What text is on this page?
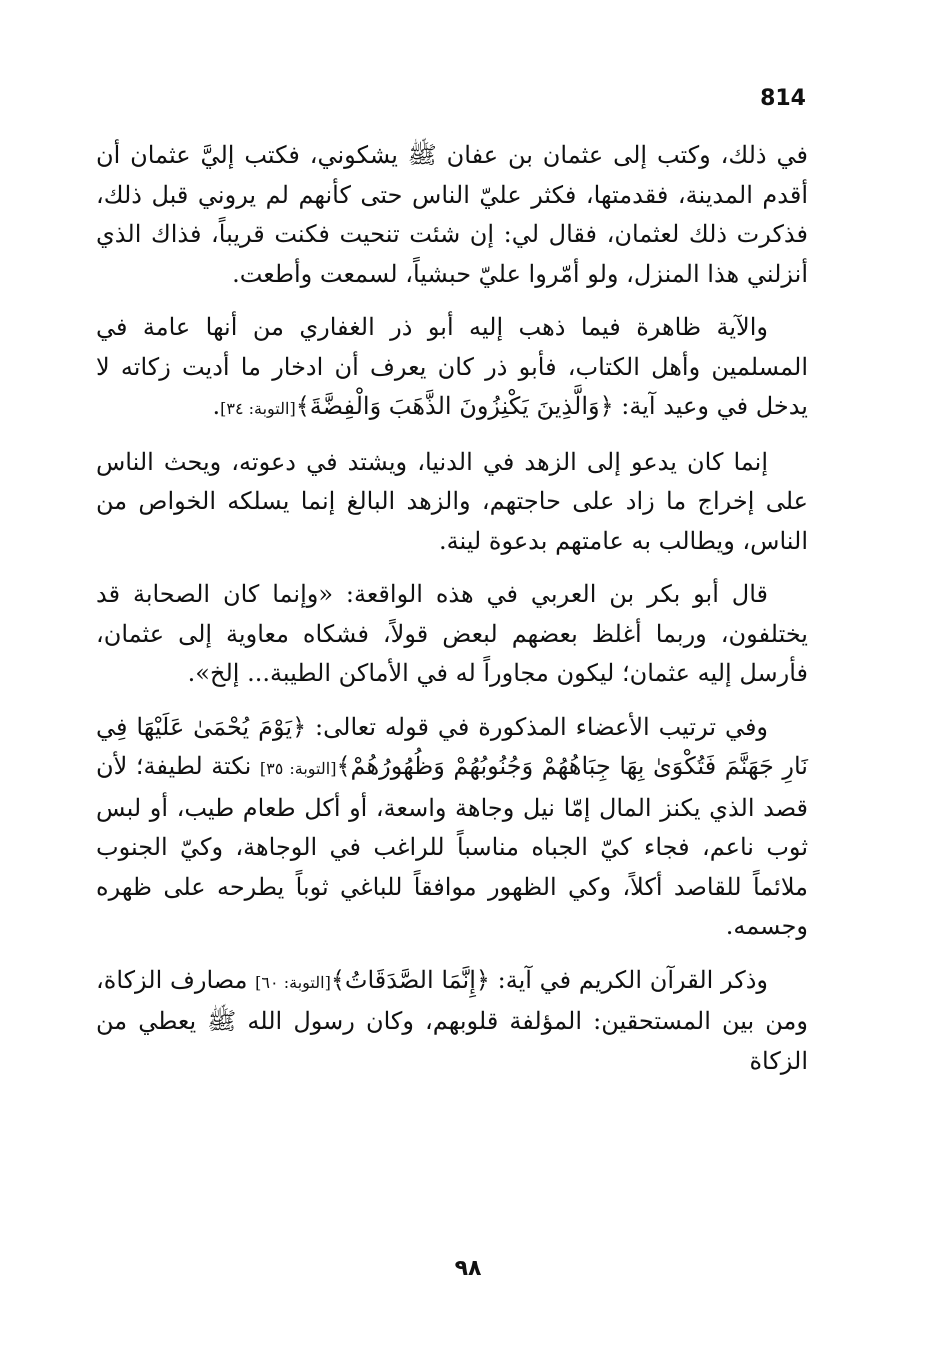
814

في ذلك، وكتب إلى عثمان بن عفان ﷺ يشكوني، فكتب إليَّ عثمان أن أقدم المدينة، فقدمتها، فكثر عليّ الناس حتى كأنهم لم يروني قبل ذلك، فذكرت ذلك لعثمان، فقال لي: إن شئت تنحيت فكنت قريباً، فذاك الذي أنزلني هذا المنزل، ولو أمّروا عليّ حبشياً، لسمعت وأطعت.

والآية ظاهرة فيما ذهب إليه أبو ذر الغفاري من أنها عامة في المسلمين وأهل الكتاب، فأبو ذر كان يعرف أن ادخار ما أديت زكاته لا يدخل في وعيد آية: ﴿وَالَّذِينَ يَكْنِزُونَ الذَّهَبَ وَالْفِضَّةَ﴾[التوبة: ٣٤].

إنما كان يدعو إلى الزهد في الدنيا، ويشتد في دعوته، ويحث الناس على إخراج ما زاد على حاجتهم، والزهد البالغ إنما يسلكه الخواص من الناس، ويطالب به عامتهم بدعوة لينة.

قال أبو بكر بن العربي في هذه الواقعة: «وإنما كان الصحابة قد يختلفون، وربما أغلظ بعضهم لبعض قولاً، فشكاه معاوية إلى عثمان، فأرسل إليه عثمان؛ ليكون مجاوراً له في الأماكن الطيبة... إلخ».

وفي ترتيب الأعضاء المذكورة في قوله تعالى: ﴿يَوْمَ يُحْمَىٰ عَلَيْهَا فِي نَارِ جَهَنَّمَ فَتُكْوَىٰ بِهَا جِبَاهُهُمْ وَجُنُوبُهُمْ وَظُهُورُهُمْ﴾[التوبة: ٣٥] نكتة لطيفة؛ لأن قصد الذي يكنز المال إمّا نيل وجاهة واسعة، أو أكل طعام طيب، أو لبس ثوب ناعم، فجاء كيّ الجباه مناسباً للراغب في الوجاهة، وكيّ الجنوب ملائماً للقاصد أكلاً، وكي الظهور موافقاً للباغي ثوباً يطرحه على ظهره وجسمه.

وذكر القرآن الكريم في آية: ﴿إِنَّمَا الصَّدَقَاتُ﴾[التوبة: ٦٠] مصارف الزكاة، ومن بين المستحقين: المؤلفة قلوبهم، وكان رسول الله ﷺ يعطي من الزكاة

٩٨
